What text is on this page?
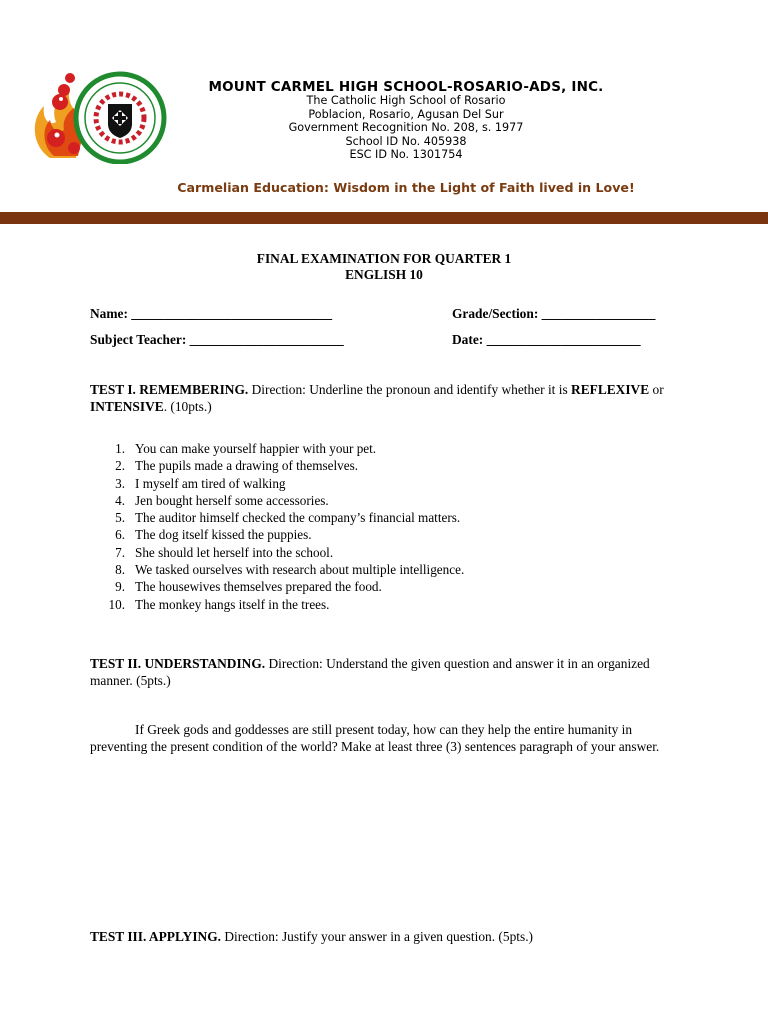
MOUNT CARMEL HIGH SCHOOL-ROSARIO-ADS, INC.
The Catholic High School of Rosario
Poblacion, Rosario, Agusan Del Sur
Government Recognition No. 208, s. 1977
School ID No. 405938
ESC ID No. 1301754
Carmelian Education: Wisdom in the Light of Faith lived in Love!
FINAL EXAMINATION FOR QUARTER 1
ENGLISH 10
Name: ______________________________	Grade/Section: _________________
Subject Teacher: _______________________	Date: _______________________
TEST I. REMEMBERING. Direction: Underline the pronoun and identify whether it is REFLEXIVE or INTENSIVE. (10pts.)
1. You can make yourself happier with your pet.
2. The pupils made a drawing of themselves.
3. I myself am tired of walking
4. Jen bought herself some accessories.
5. The auditor himself checked the company’s financial matters.
6. The dog itself kissed the puppies.
7. She should let herself into the school.
8. We tasked ourselves with research about multiple intelligence.
9. The housewives themselves prepared the food.
10. The monkey hangs itself in the trees.
TEST II. UNDERSTANDING. Direction: Understand the given question and answer it in an organized manner. (5pts.)
If Greek gods and goddesses are still present today, how can they help the entire humanity in preventing the present condition of the world? Make at least three (3) sentences paragraph of your answer.
TEST III. APPLYING. Direction: Justify your answer in a given question. (5pts.)
